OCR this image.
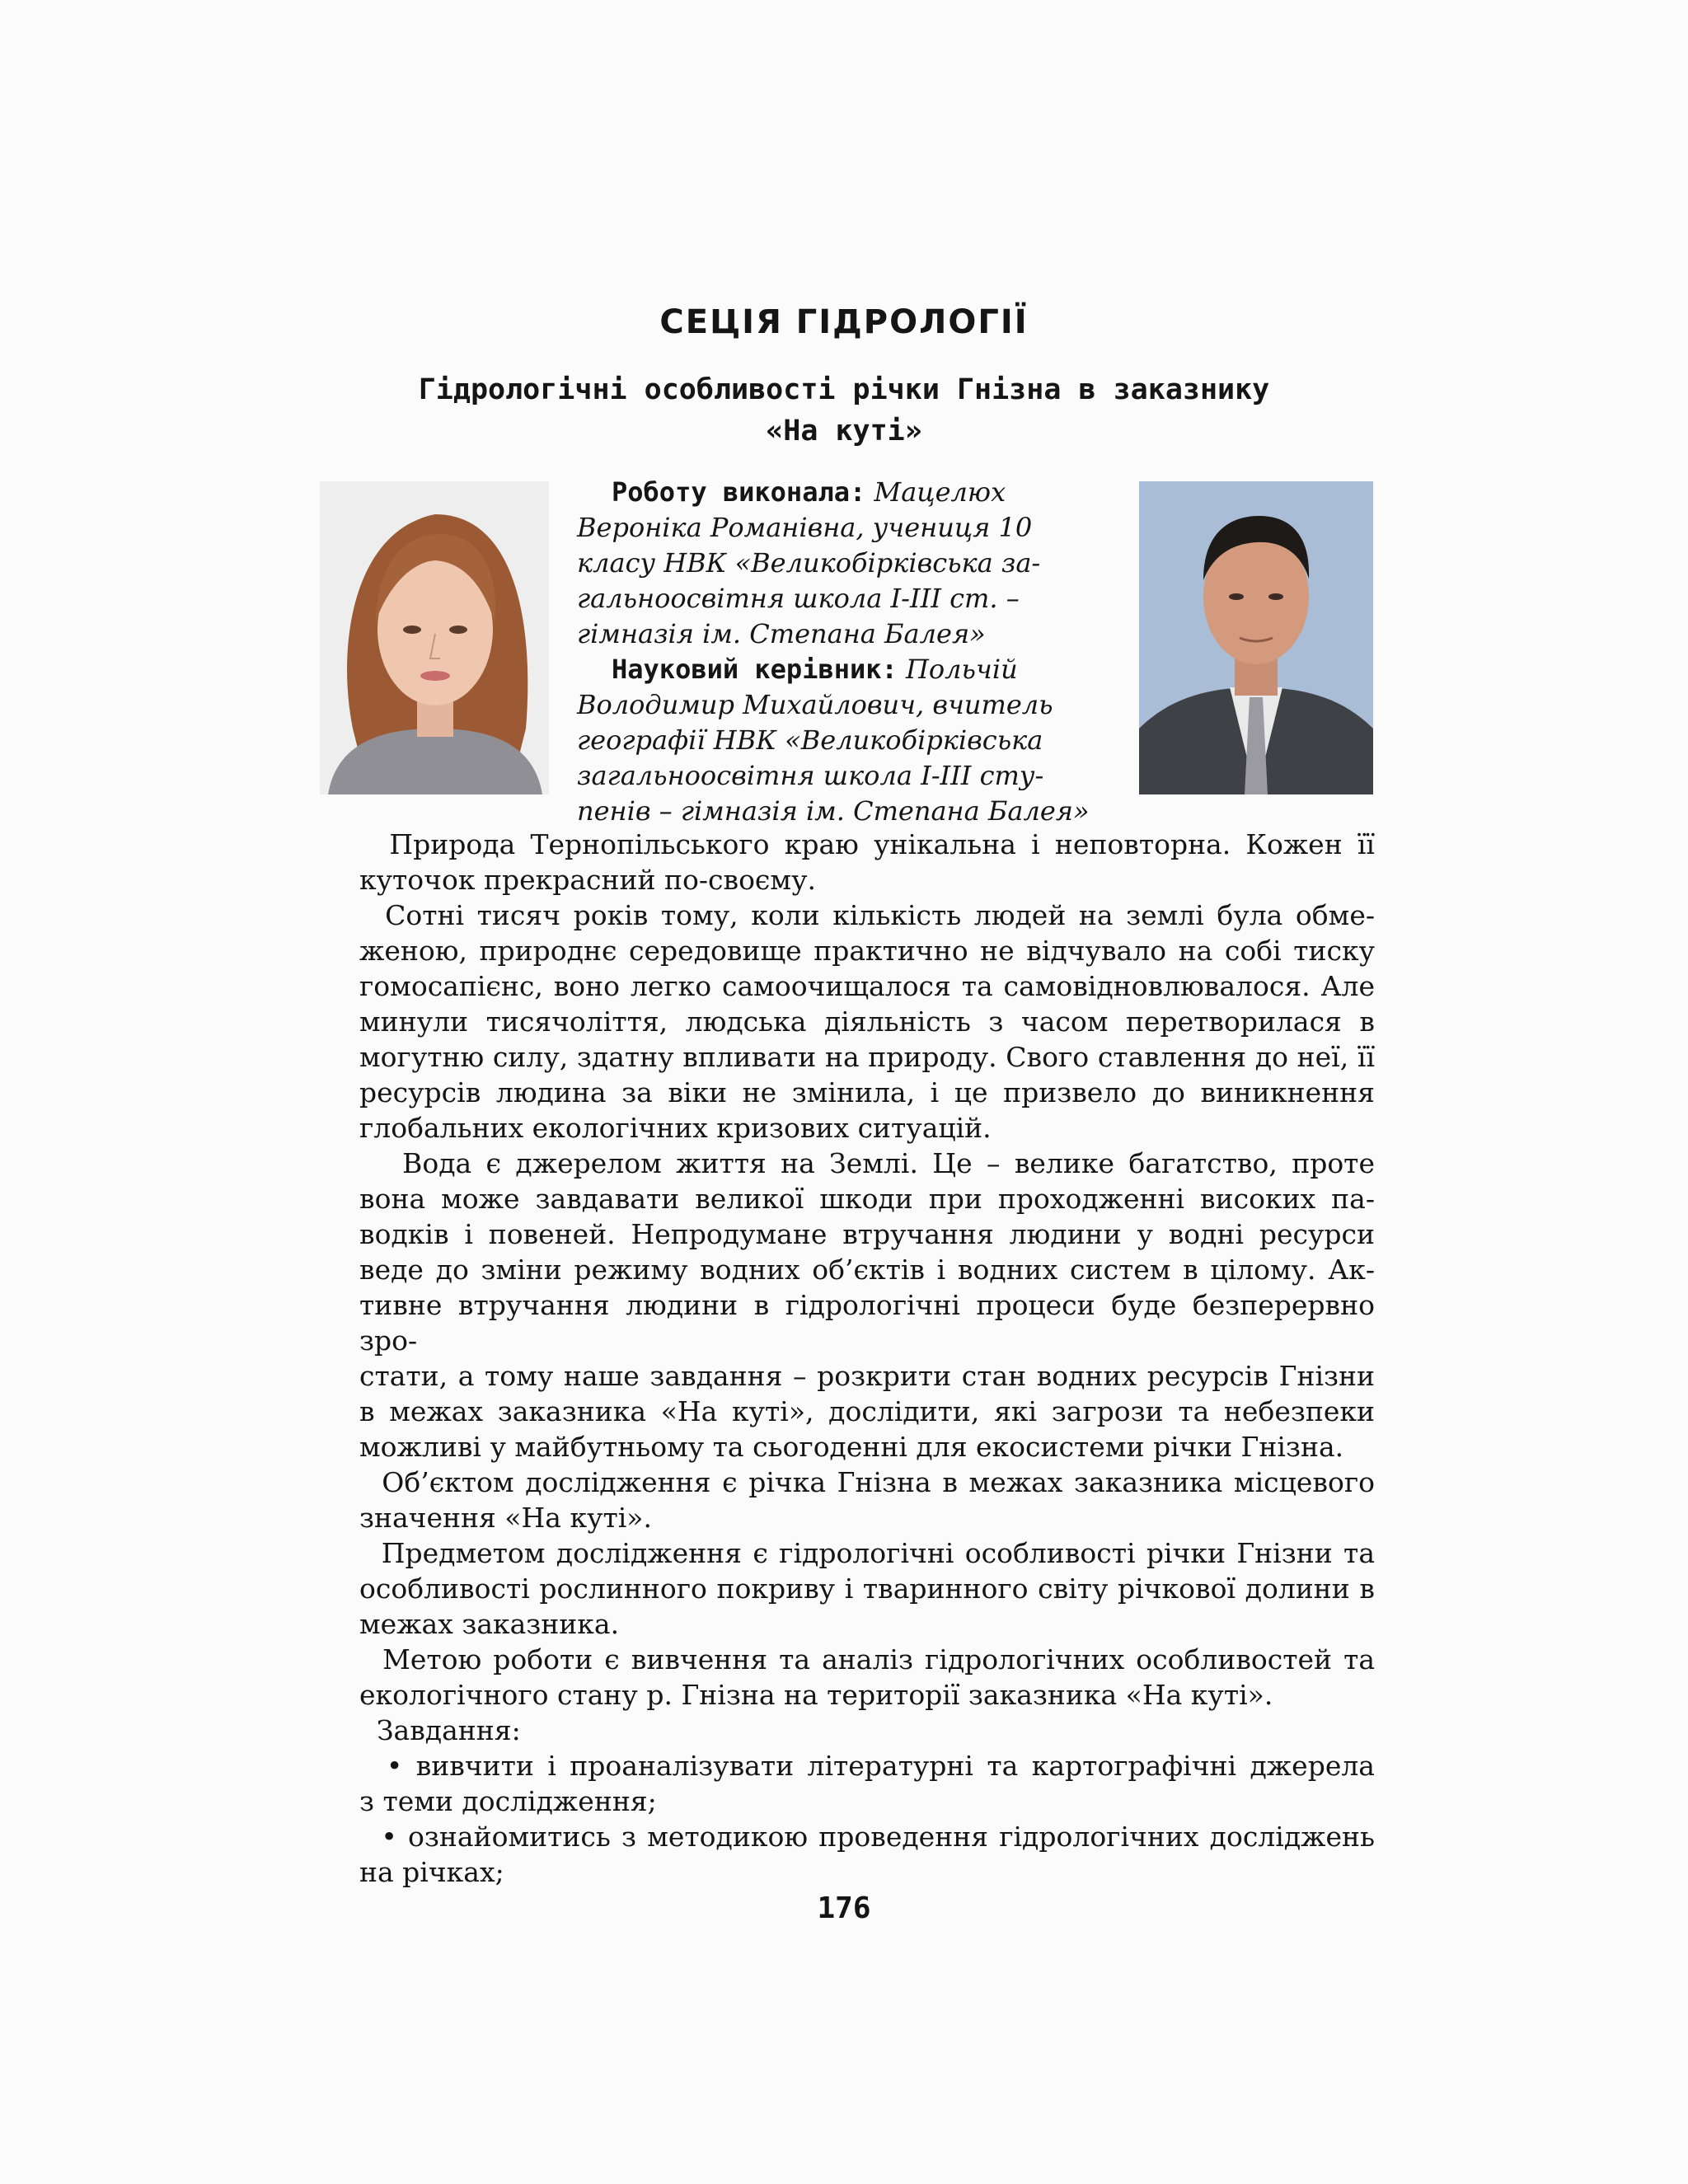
СЕЦІЯ ГІДРОЛОГІЇ
Гідрологічні особливості річки Гнізна в заказнику
«На куті»

Роботу виконала: Мацелюх

Вероніка Романівна, учениця 10

класу НВК «Великобірківська за-

гальноосвітня школа І-ІІІ ст. –

гімназія ім. Степана Балея»

Науковий керівник: Польчій

Володимир Михайлович, вчитель

географії НВК «Великобірківська

загальноосвітня школа І-ІІІ сту-

пенів – гімназія ім. Степана Балея»

Природа Тернопільського краю унікальна і неповторна. Кожен її
куточок прекрасний по-своєму.
Сотні тисяч років тому, коли кількість людей на землі була обме-
женою, природнє середовище практично не відчувало на собі тиску
гомосапієнс, воно легко самоочищалося та самовідновлювалося. Але
минули тисячоліття, людська діяльність з часом перетворилася в
могутню силу, здатну впливати на природу. Свого ставлення до неї, її
ресурсів людина за віки не змінила, і це призвело до виникнення
глобальних екологічних кризових ситуацій.
Вода є джерелом життя на Землі. Це – велике багатство, проте
вона може завдавати великої шкоди при проходженні високих па-
водків і повеней. Непродумане втручання людини у водні ресурси
веде до зміни режиму водних об’єктів і водних систем в цілому. Ак-
тивне втручання людини в гідрологічні процеси буде безперервно зро-
стати, а тому наше завдання – розкрити стан водних ресурсів Гнізни
в межах заказника «На куті», дослідити, які загрози та небезпеки
можливі у майбутньому та сьогоденні для екосистеми річки Гнізна.
Об’єктом дослідження є річка Гнізна в межах заказника місцевого
значення «На куті».
Предметом дослідження є гідрологічні особливості річки Гнізни та
особливості рослинного покриву і тваринного світу річкової долини в
межах заказника.
Метою роботи є вивчення та аналіз гідрологічних особливостей та
екологічного стану р. Гнізна на території заказника «На куті».
Завдання:
• вивчити і проаналізувати літературні та картографічні джерела
з теми дослідження;
• ознайомитись з методикою проведення гідрологічних досліджень
на річках;
176
